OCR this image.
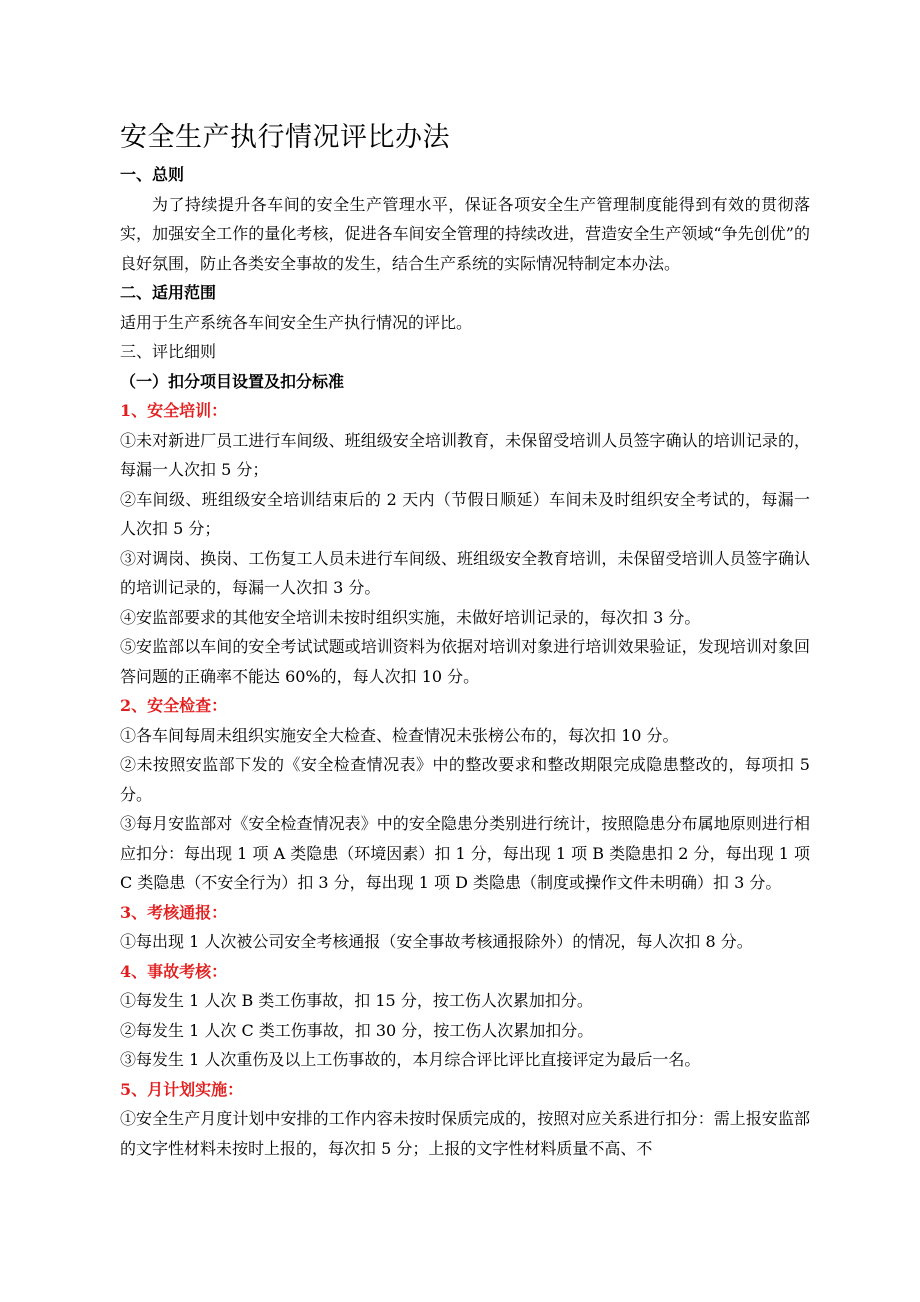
安全生产执行情况评比办法

一、总则

为了持续提升各车间的安全生产管理水平，保证各项安全生产管理制度能得到有效的贯彻落实，加强安全工作的量化考核，促进各车间安全管理的持续改进，营造安全生产领域“争先创优”的良好氛围，防止各类安全事故的发生，结合生产系统的实际情况特制定本办法。

二、适用范围

适用于生产系统各车间安全生产执行情况的评比。

三、评比细则

（一）扣分项目设置及扣分标准

1、安全培训：

①未对新进厂员工进行车间级、班组级安全培训教育，未保留受培训人员签字确认的培训记录的，每漏一人次扣 5 分；

②车间级、班组级安全培训结束后的 2 天内（节假日顺延）车间未及时组织安全考试的，每漏一人次扣 5 分；

③对调岗、换岗、工伤复工人员未进行车间级、班组级安全教育培训，未保留受培训人员签字确认的培训记录的，每漏一人次扣 3 分。

④安监部要求的其他安全培训未按时组织实施，未做好培训记录的，每次扣 3 分。

⑤安监部以车间的安全考试试题或培训资料为依据对培训对象进行培训效果验证，发现培训对象回答问题的正确率不能达 60%的，每人次扣 10 分。

2、安全检查：

①各车间每周未组织实施安全大检查、检查情况未张榜公布的，每次扣 10 分。

②未按照安监部下发的《安全检查情况表》中的整改要求和整改期限完成隐患整改的，每项扣 5 分。

③每月安监部对《安全检查情况表》中的安全隐患分类别进行统计，按照隐患分布属地原则进行相应扣分：每出现 1 项 A 类隐患（环境因素）扣 1 分，每出现 1 项 B 类隐患扣 2 分，每出现 1 项 C 类隐患（不安全行为）扣 3 分，每出现 1 项 D 类隐患（制度或操作文件未明确）扣 3 分。

3、考核通报：

①每出现 1 人次被公司安全考核通报（安全事故考核通报除外）的情况，每人次扣 8 分。

4、事故考核：

①每发生 1 人次 B 类工伤事故，扣 15 分，按工伤人次累加扣分。

②每发生 1 人次 C 类工伤事故，扣 30 分，按工伤人次累加扣分。

③每发生 1 人次重伤及以上工伤事故的，本月综合评比评比直接评定为最后一名。

5、月计划实施：

①安全生产月度计划中安排的工作内容未按时保质完成的，按照对应关系进行扣分：需上报安监部的文字性材料未按时上报的，每次扣 5 分；上报的文字性材料质量不高、不
